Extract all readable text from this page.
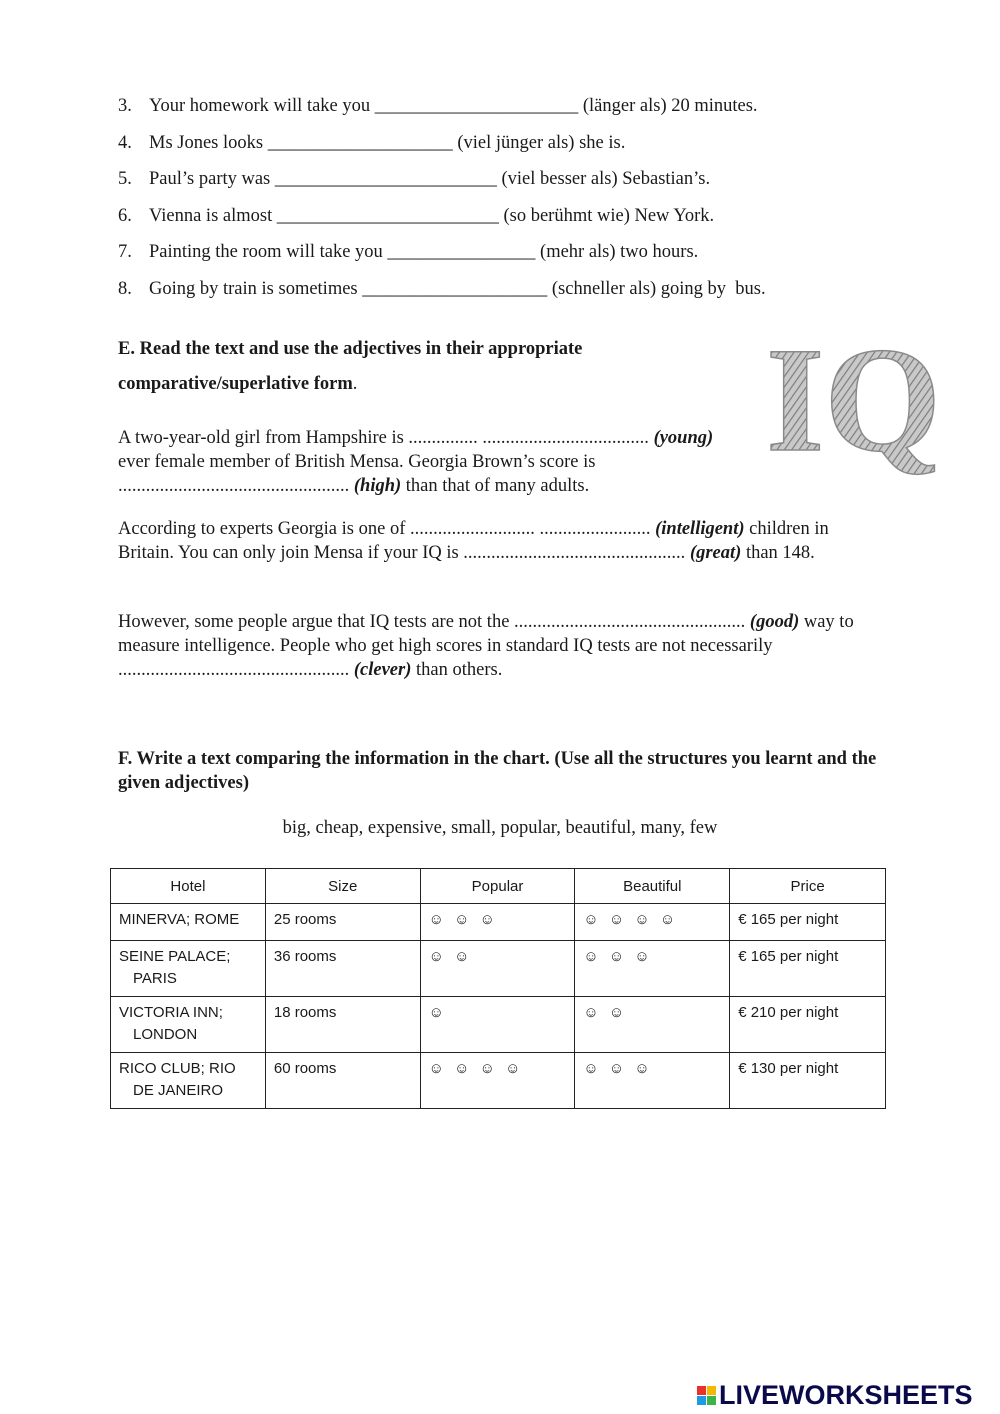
3. Your homework will take you ______________________ (länger als) 20 minutes.
4. Ms Jones looks ____________________ (viel jünger als) she is.
5. Paul’s party was ________________________ (viel besser als) Sebastian’s.
6. Vienna is almost ________________________ (so berühmt wie) New York.
7. Painting the room will take you ________________ (mehr als) two hours.
8. Going by train is sometimes ____________________ (schneller als) going by  bus.
E. Read the text and use the adjectives in their appropriate
comparative/superlative form.	IQ
A two-year-old girl from Hampshire is ............... .................................... (young) ever female member of British Mensa. Georgia Brown’s score is .................................................. (high) than that of many adults.
According to experts Georgia is one of ........................... ........................ (intelligent) children in Britain. You can only join Mensa if your IQ is ................................................ (great) than 148.
However, some people argue that IQ tests are not the .................................................. (good) way to measure intelligence. People who get high scores in standard IQ tests are not necessarily .................................................. (clever) than others.
F. Write a text comparing the information in the chart. (Use all the structures you learnt and the given adjectives)
big, cheap, expensive, small, popular, beautiful, many, few
Hotel	Size	Popular	Beautiful	Price

MINERVA; ROME	25 rooms	☺ ☺ ☺	☺ ☺ ☺ ☺	€ 165 per night

SEINE PALACE;
PARIS	36 rooms	☺ ☺	☺ ☺ ☺	€ 165 per night

VICTORIA INN;
LONDON	18 rooms	☺	☺ ☺	€ 210 per night

RICO CLUB; RIO
DE JANEIRO	60 rooms	☺ ☺ ☺ ☺	☺ ☺ ☺	€ 130 per night
LIVEWORKSHEETS
